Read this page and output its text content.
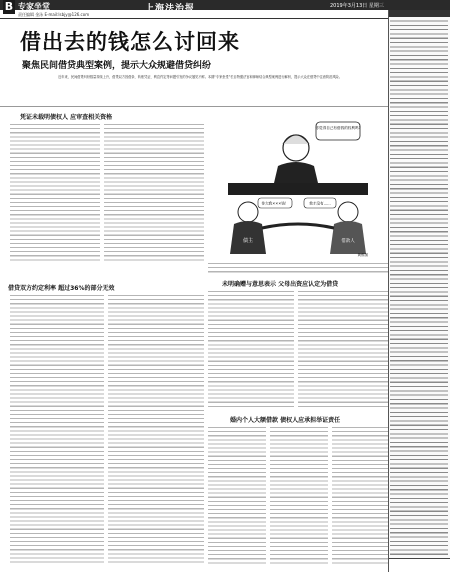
B 专家坐堂	上海法治报	2019年3月13日 星期三
责任编辑 金泳 E-mail:lsbjy@126.com
借出去的钱怎么讨回来
聚焦民间借贷典型案例，提示大众规避借贷纠纷
近年来，民间借贷纠纷数量持续上升，借贷双方因借条、转账凭证、利息约定等问题引发的争议屡见不鲜。本期“专家坐堂”栏目特邀法官和律师结合典型案例进行解析，提示大众在借贷中注意防范风险。
凭证未载明债权人 应审查相关资格
你觉得自己有借钱的权利吗?
债主	借款人
你欠我×××钱！	我才没有……
黄维图
未明确赠与意思表示 父母出资应认定为借贷
借贷双方约定利率 超过36%的部分无效
婚内个人大额借款 债权人应承担举证责任
